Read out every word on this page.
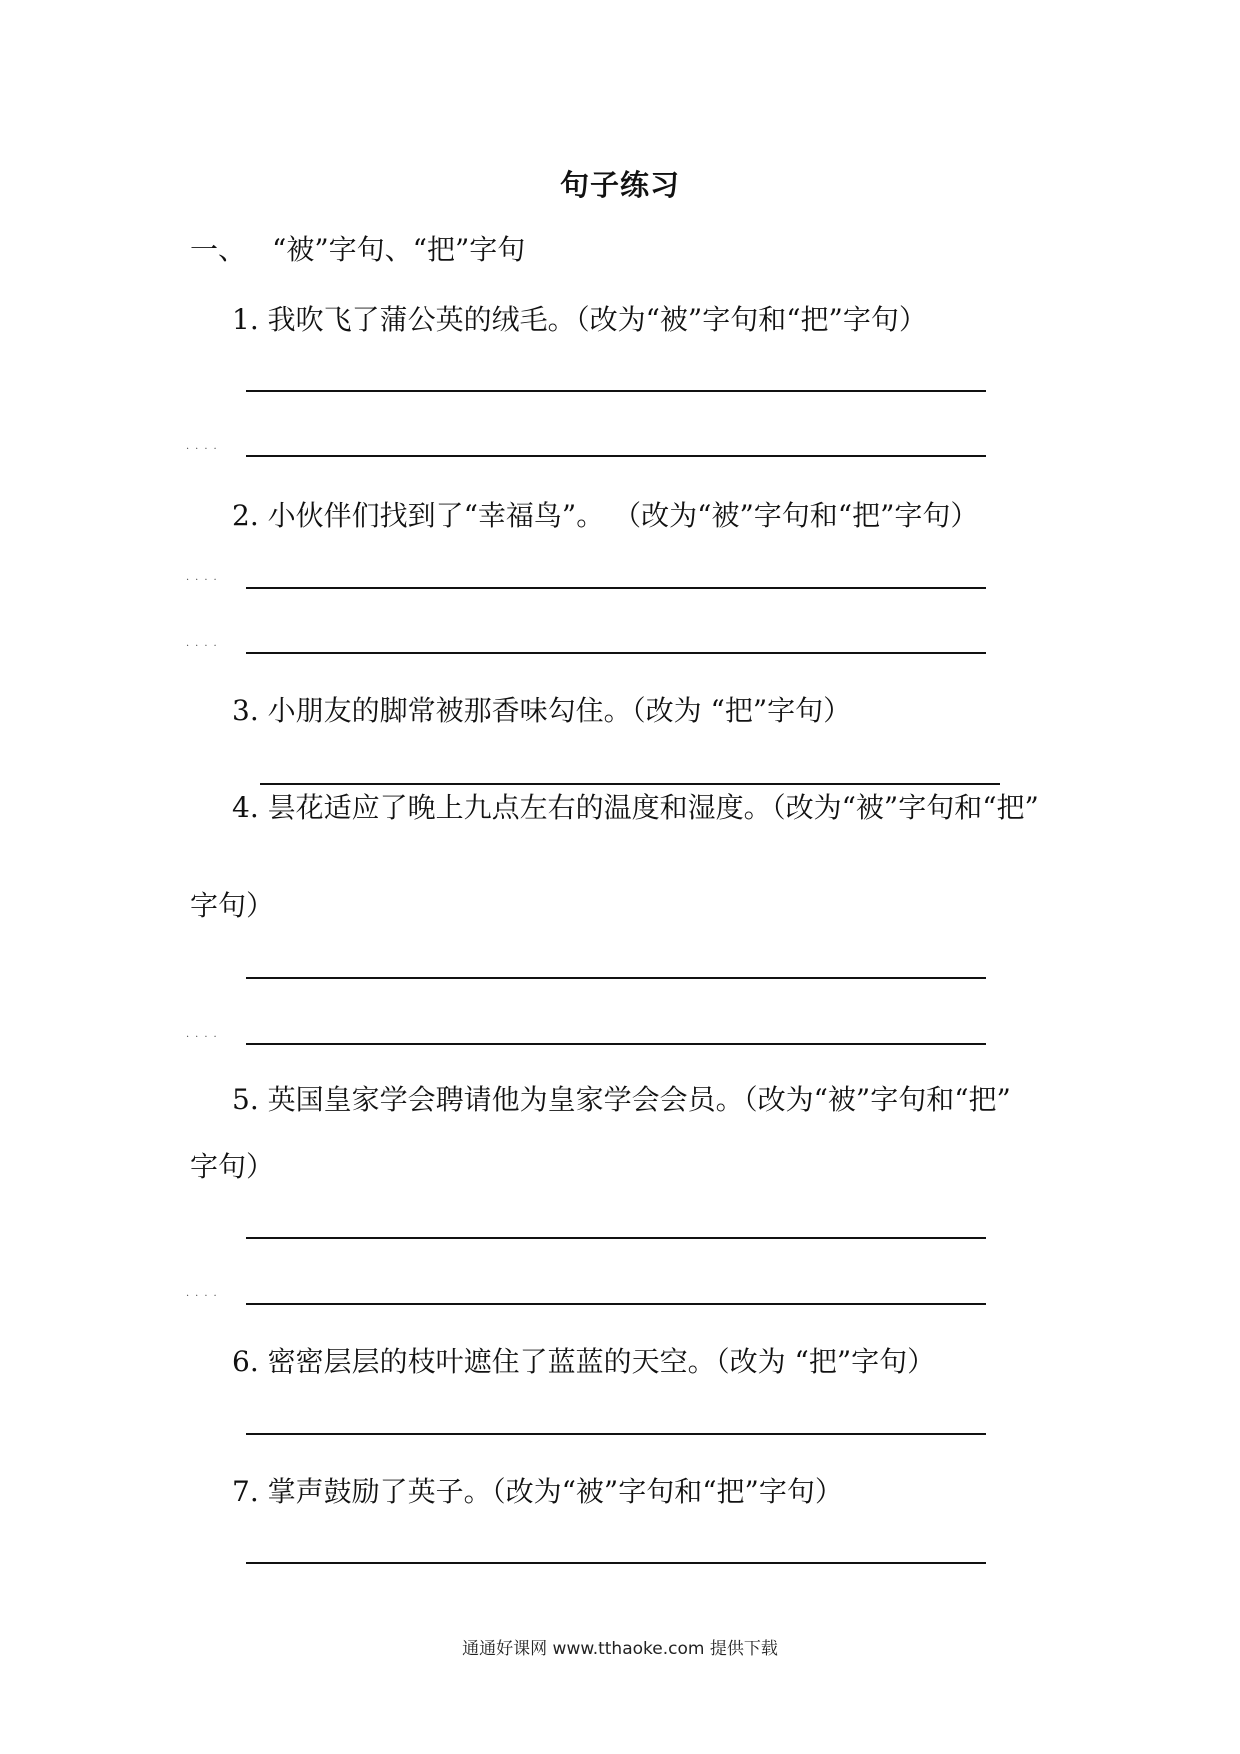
句子练习
一、 “被”字句、“把”字句
1. 我吹飞了蒲公英的绒毛。（改为“被”字句和“把”字句）
····
2. 小伙伴们找到了“幸福鸟”。 （改为“被”字句和“把”字句）
····
····
3. 小朋友的脚常被那香味勾住。（改为 “把”字句）
4. 昙花适应了晚上九点左右的温度和湿度。（改为“被”字句和“把”
字句）
····
5. 英国皇家学会聘请他为皇家学会会员。（改为“被”字句和“把”
字句）
····
6. 密密层层的枝叶遮住了蓝蓝的天空。（改为 “把”字句）
7. 掌声鼓励了英子。（改为“被”字句和“把”字句）
通通好课网 www.tthaoke.com 提供下载
